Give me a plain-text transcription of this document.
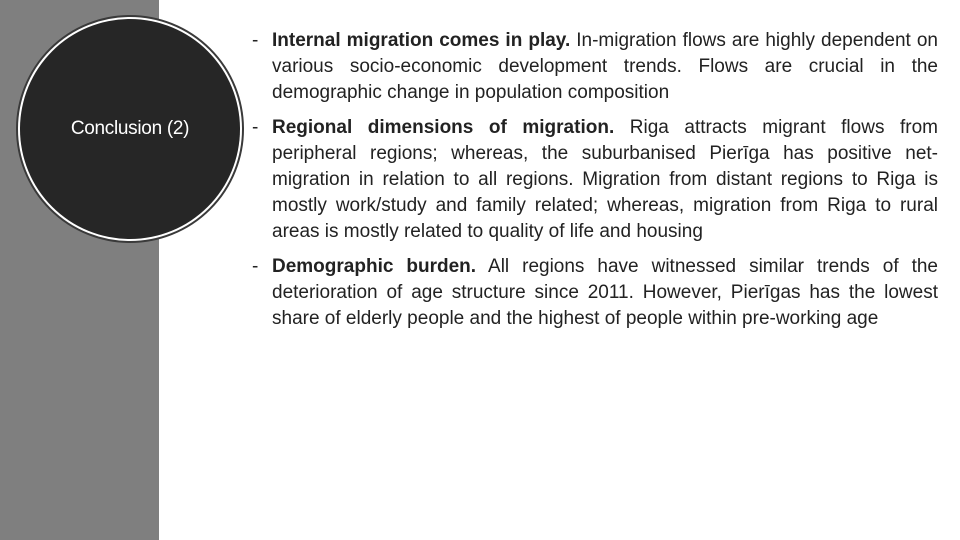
Conclusion (2)
- Internal migration comes in play. In-migration flows are highly dependent on various socio-economic development trends. Flows are crucial in the demographic change in population composition
- Regional dimensions of migration. Riga attracts migrant flows from peripheral regions; whereas, the suburbanised Pierīga has positive net-migration in relation to all regions. Migration from distant regions to Riga is mostly work/study and family related; whereas, migration from Riga to rural areas is mostly related to quality of life and housing
- Demographic burden. All regions have witnessed similar trends of the deterioration of age structure since 2011. However, Pierīgas has the lowest share of elderly people and the highest of people within pre-working age
